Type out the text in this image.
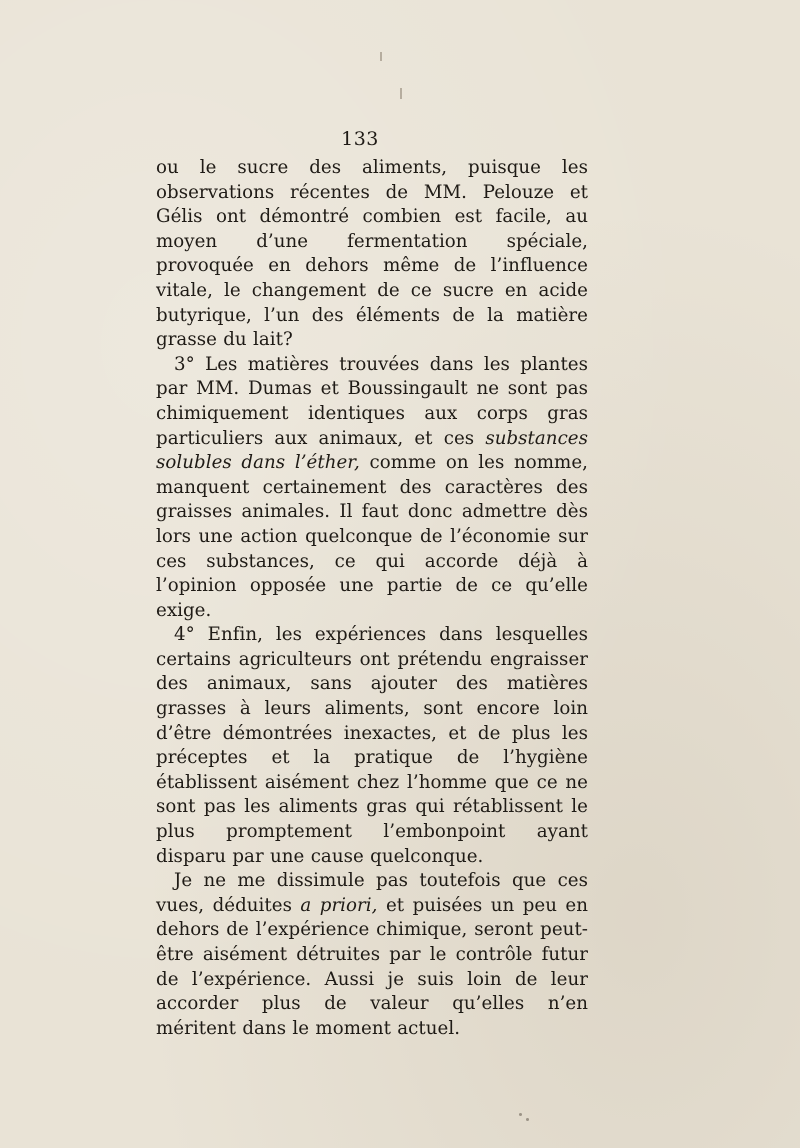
133

ou le sucre des aliments, puisque les observations récentes de MM. Pelouze et Gélis ont démontré combien est facile, au moyen d’une fermentation spéciale, provoquée en dehors même de l’influence vitale, le changement de ce sucre en acide butyrique, l’un des éléments de la matière grasse du lait?

3° Les matières trouvées dans les plantes par MM. Dumas et Boussingault ne sont pas chimiquement identiques aux corps gras particuliers aux animaux, et ces substances solubles dans l’éther, comme on les nomme, manquent certainement des caractères des graisses animales. Il faut donc admettre dès lors une action quelconque de l’économie sur ces substances, ce qui accorde déjà à l’opinion opposée une partie de ce qu’elle exige.

4° Enfin, les expériences dans lesquelles certains agriculteurs ont prétendu engraisser des animaux, sans ajouter des matières grasses à leurs aliments, sont encore loin d’être démontrées inexactes, et de plus les préceptes et la pratique de l’hygiène établissent aisément chez l’homme que ce ne sont pas les aliments gras qui rétablissent le plus promptement l’embonpoint ayant disparu par une cause quelconque.

Je ne me dissimule pas toutefois que ces vues, déduites a priori, et puisées un peu en dehors de l’expérience chimique, seront peut-être aisément détruites par le contrôle futur de l’expérience. Aussi je suis loin de leur accorder plus de valeur qu’elles n’en méritent dans le moment actuel.
